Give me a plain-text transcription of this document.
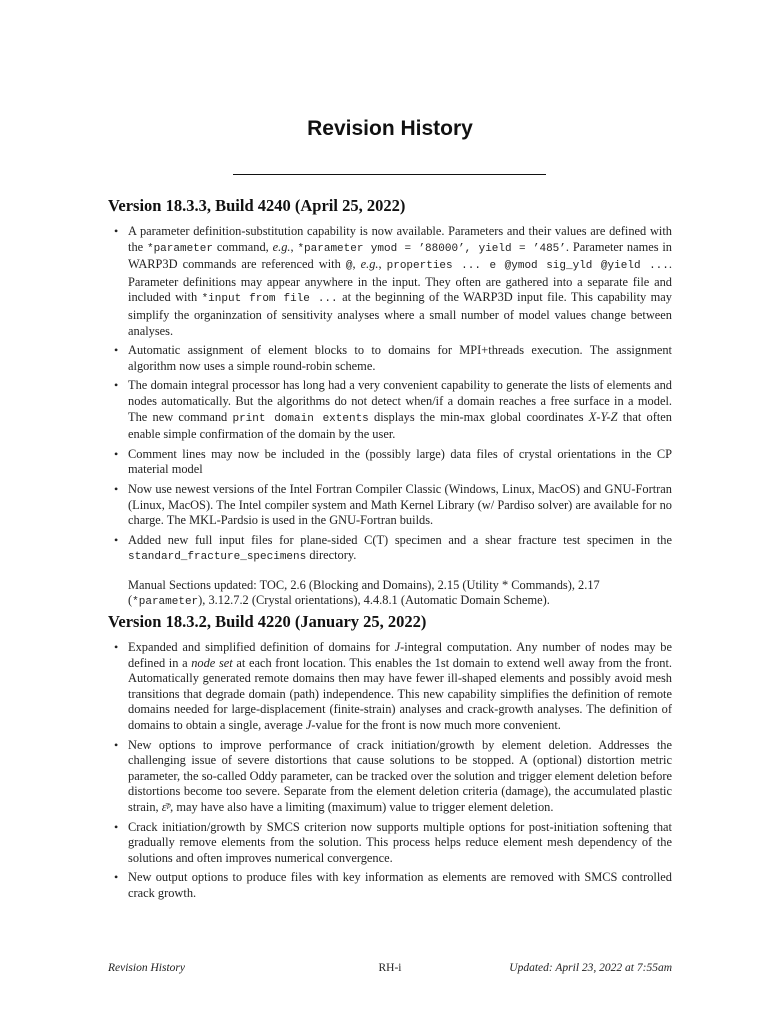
Revision History
Version 18.3.3, Build 4240 (April 25, 2022)
• A parameter definition-substitution capability is now available. Parameters and their values are defined with the *parameter command, e.g., *parameter ymod = ’88000’, yield = ’485’. Parameter names in WARP3D commands are referenced with @, e.g., properties ... e @ymod sig_yld @yield .... Parameter definitions may appear anywhere in the input. They often are gathered into a separate file and included with *input from file ... at the beginning of the WARP3D input file. This capability may simplify the organinzation of sensitivity analyses where a small number of model values change between analyses.
• Automatic assignment of element blocks to to domains for MPI+threads execution. The assignment algorithm now uses a simple round-robin scheme.
• The domain integral processor has long had a very convenient capability to generate the lists of elements and nodes automatically. But the algorithms do not detect when/if a domain reaches a free surface in a model. The new command print domain extents displays the min-max global coordinates X-Y-Z that often enable simple confirmation of the domain by the user.
• Comment lines may now be included in the (possibly large) data files of crystal orientations in the CP material model
• Now use newest versions of the Intel Fortran Compiler Classic (Windows, Linux, MacOS) and GNU-Fortran (Linux, MacOS). The Intel compiler system and Math Kernel Library (w/ Pardiso solver) are available for no charge. The MKL-Pardsio is used in the GNU-Fortran builds.
• Added new full input files for plane-sided C(T) specimen and a shear fracture test specimen in the standard_fracture_specimens directory.
Manual Sections updated: TOC, 2.6 (Blocking and Domains), 2.15 (Utility * Commands), 2.17 (*parameter), 3.12.7.2 (Crystal orientations), 4.4.8.1 (Automatic Domain Scheme).
Version 18.3.2, Build 4220 (January 25, 2022)
• Expanded and simplified definition of domains for J-integral computation. Any number of nodes may be defined in a node set at each front location. This enables the 1st domain to extend well away from the front. Automatically generated remote domains then may have fewer ill-shaped elements and possibly avoid mesh transitions that degrade domain (path) independence. This new capability simplifies the definition of remote domains needed for large-displacement (finite-strain) analyses and crack-growth analyses. The definition of domains to obtain a single, average J-value for the front is now much more convenient.
• New options to improve performance of crack initiation/growth by element deletion. Addresses the challenging issue of severe distortions that cause solutions to be stopped. A (optional) distortion metric parameter, the so-called Oddy parameter, can be tracked over the solution and trigger element deletion before distortions become too severe. Separate from the element deletion criteria (damage), the accumulated plastic strain, ε̄ᵖ, may have also have a limiting (maximum) value to trigger element deletion.
• Crack initiation/growth by SMCS criterion now supports multiple options for post-initiation softening that gradually remove elements from the solution. This process helps reduce element mesh dependency of the solutions and often improves numerical convergence.
• New output options to produce files with key information as elements are removed with SMCS controlled crack growth.
Revision History	RH-i	Updated: April 23, 2022 at 7:55am
